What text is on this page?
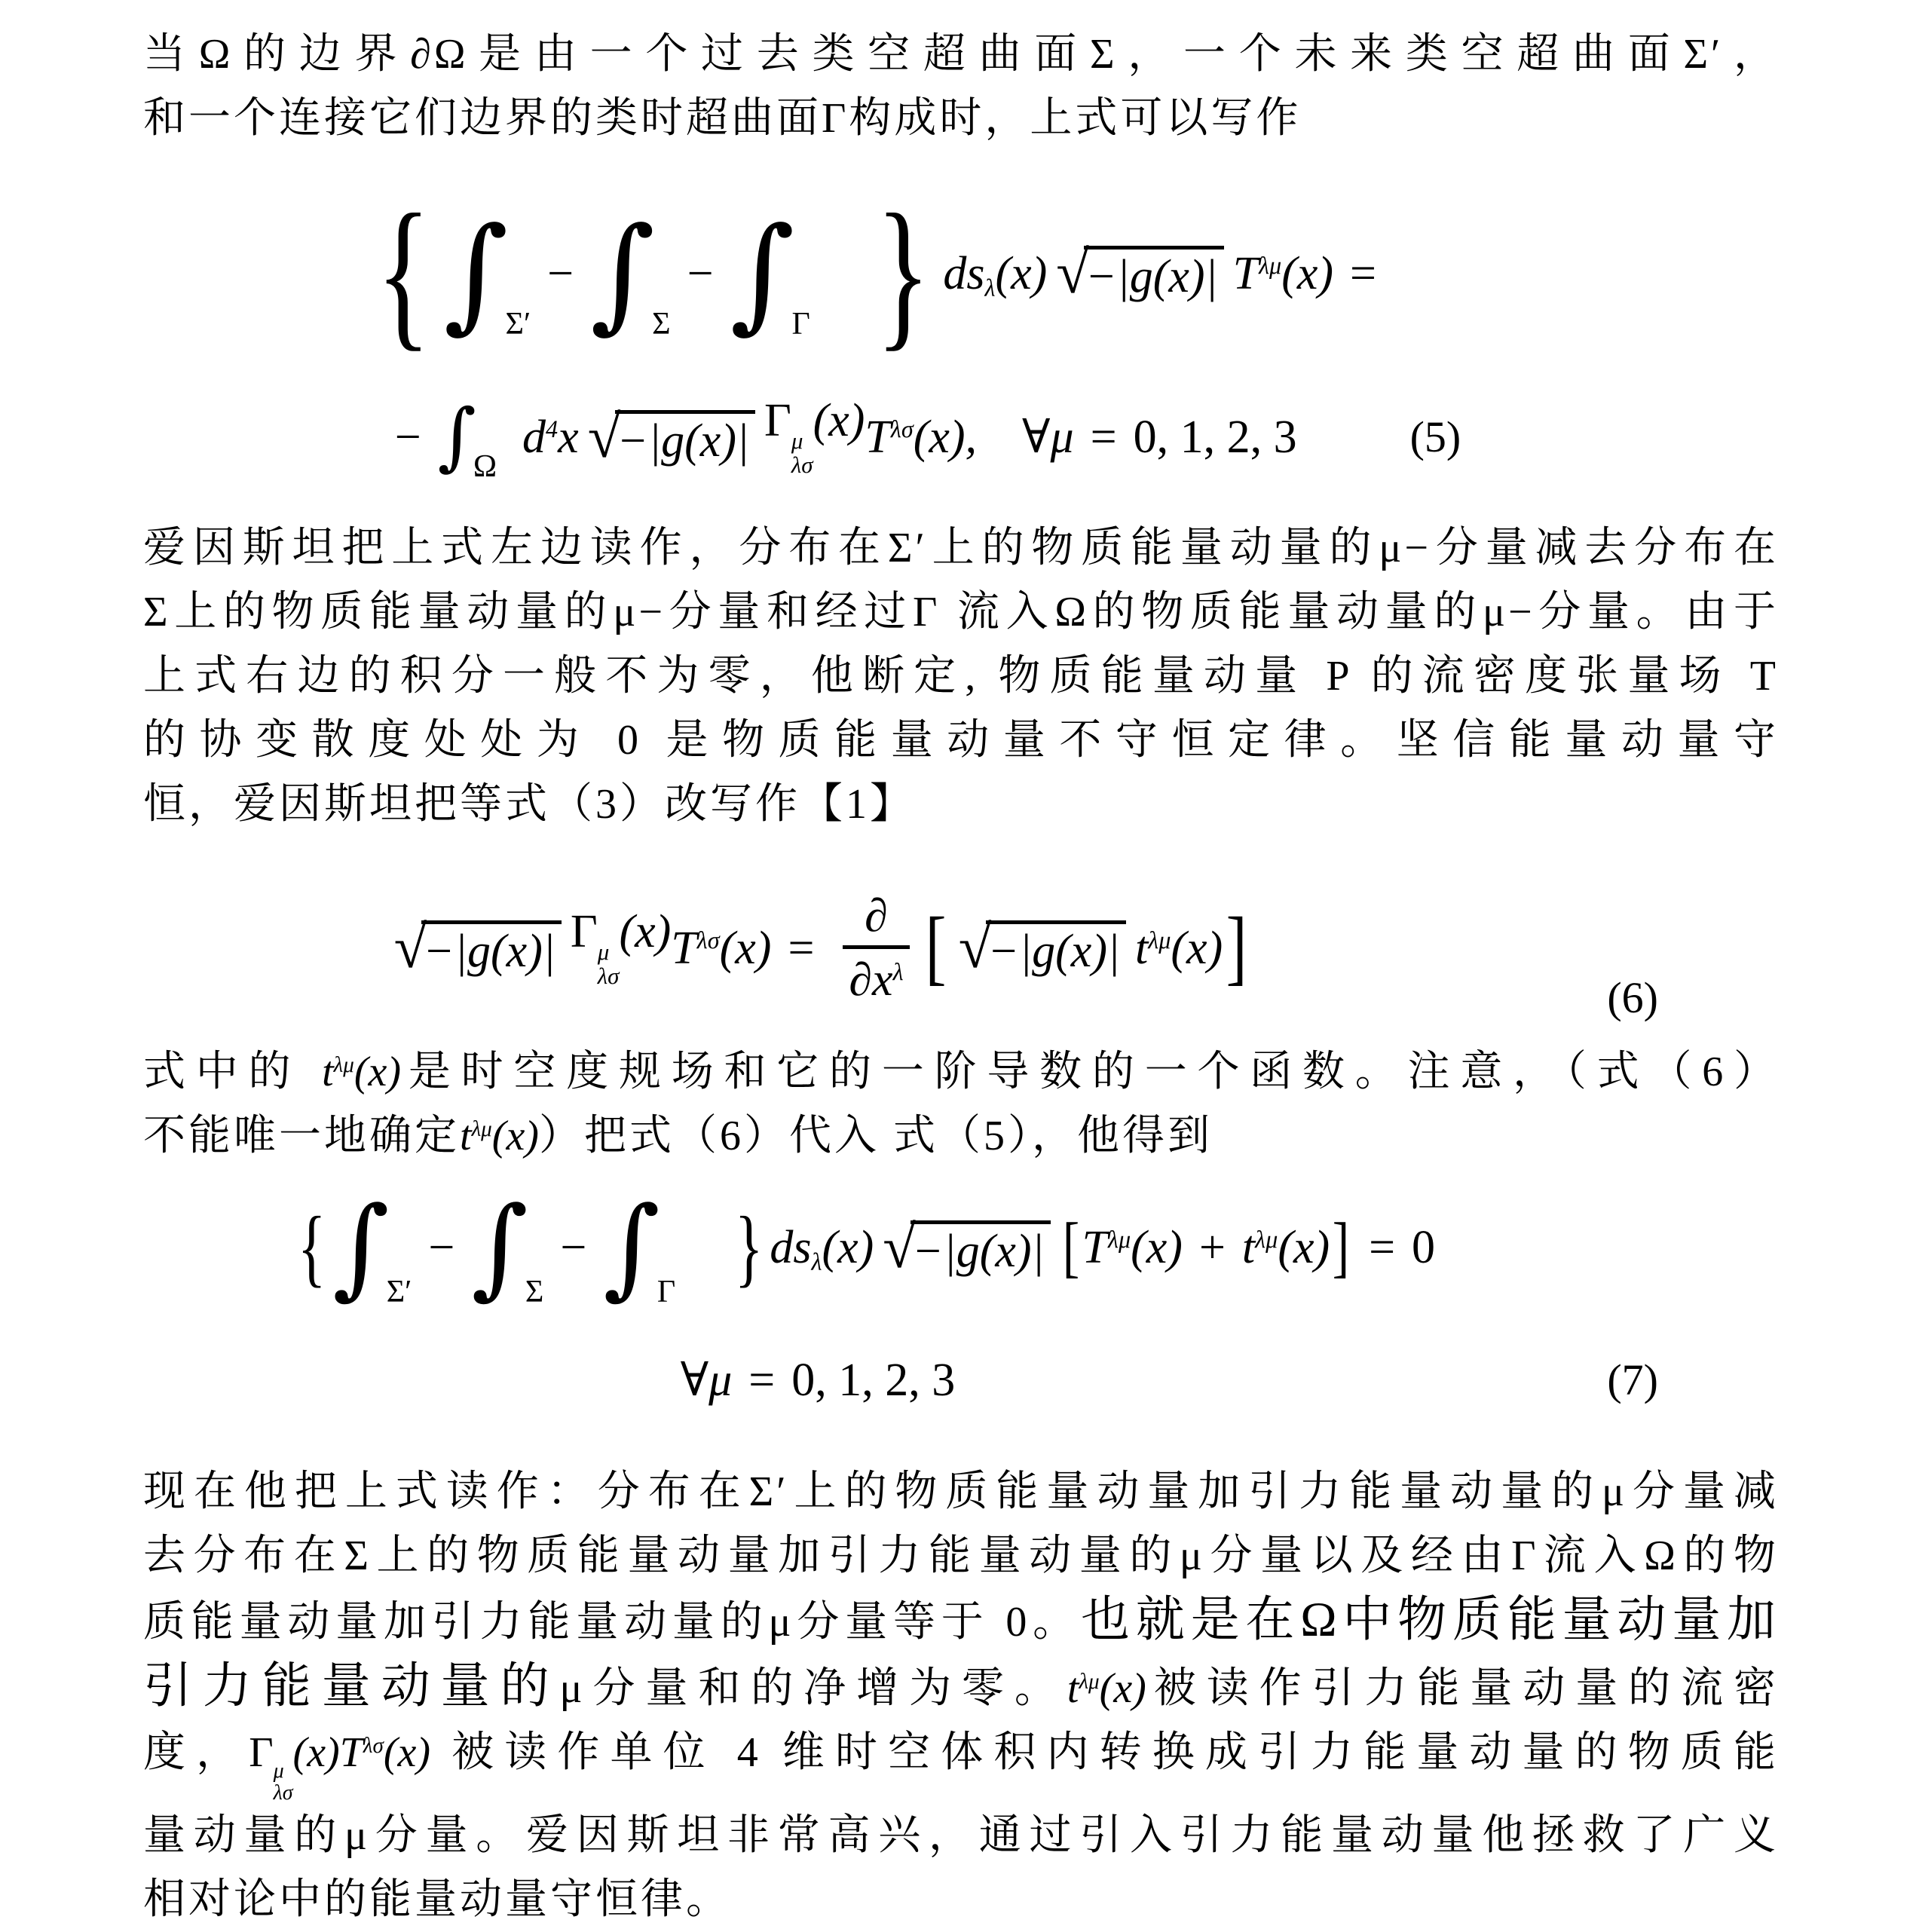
当Ω的边界∂Ω是由一个过去类空超曲面Σ，一个未来类空超曲面Σ′，
和一个连接它们边界的类时超曲面Γ构成时，上式可以写作
{ ∫
Σ′
− ∫
Σ
− ∫
Γ } $ds_\lambda(x)$ √
−|g(x)| $T^{\lambda\mu}(x)$ =
− ∫
Ω
$d^4x$ √
−|g(x)| Γ μ
λσ
(x) $T^{\lambda\sigma}(x)$, ∀μ = 0, 1, 2, 3	(5)
爱因斯坦把上式左边读作，分布在Σ′上的物质能量动量的μ−分量减去分布在
Σ上的物质能量动量的μ−分量和经过Γ 流入Ω的物质能量动量的μ−分量。由于
上式右边的积分一般不为零，他断定, 物质能量动量 P 的流密度张量场 T
的协变散度处处为 0 是物质能量动量不守恒定律。坚信能量动量守
恒，爱因斯坦把等式（3）改写作【1】
√
−|g(x)| Γ μ
λσ
(x) $T^{\lambda\sigma}(x) = \frac{\partial}{\partial x^\lambda}$ [ √
−|g(x)| $t^{\lambda\mu}(x)$ ]
(6)
式中的 $t^{\lambda\mu}(x)$是时空度规场和它的一阶导数的一个函数。注意，（式（6）
不能唯一地确定$t^{\lambda\mu}(x)$）把式（6）代入 式（5），他得到
{ ∫
Σ′
− ∫
Σ
− ∫
Γ } $ds_\lambda(x)$ √
−|g(x)| [ $T^{\lambda\mu}(x) + t^{\lambda\mu}(x)$ ] = 0
∀μ = 0, 1, 2, 3	(7)
现在他把上式读作：分布在Σ′上的物质能量动量加引力能量动量的μ分量减
去分布在Σ上的物质能量动量加引力能量动量的μ分量以及经由Γ流入Ω的物
质能量动量加引力能量动量的μ分量等于 0。也就是在Ω中物质能量动量加
引力能量动量的μ分量和的净增为零。$t^{\lambda\mu}(x)$被读作引力能量动量的流密
度，Γ μ
λσ
$(x)T^{\lambda\sigma}(x)$ 被读作单位 4 维时空体积内转换成引力能量动量的物质能
量动量的μ分量。爱因斯坦非常高兴，通过引入引力能量动量他拯救了广义
相对论中的能量动量守恒律。
